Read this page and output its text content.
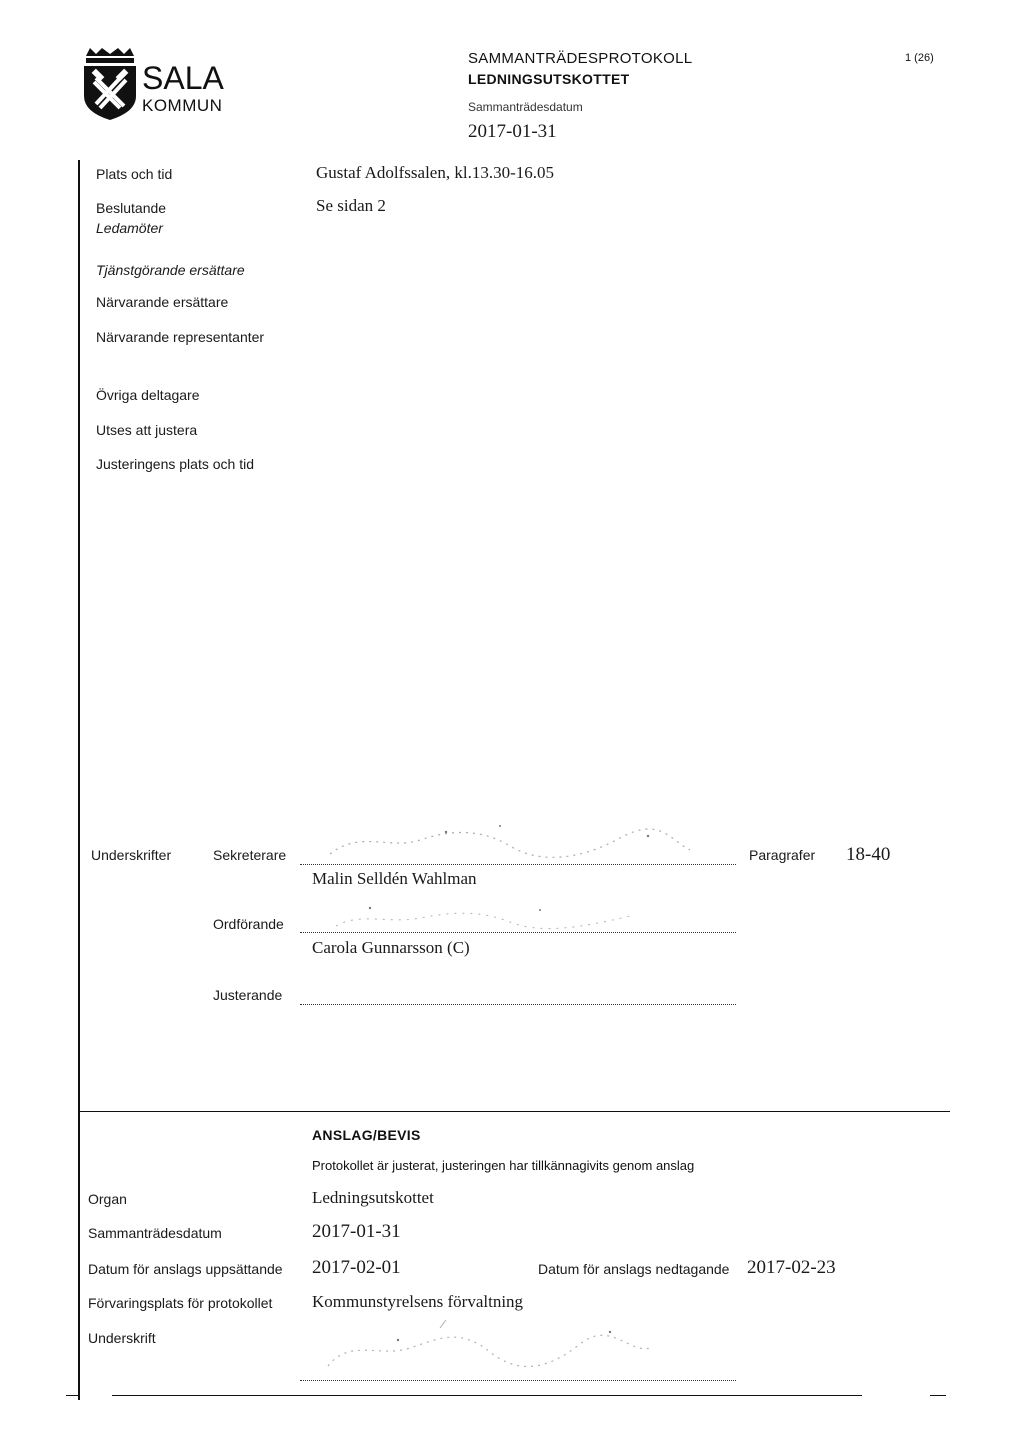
SALA
KOMMUN
SAMMANTRÄDESPROTOKOLL
LEDNINGSUTSKOTTET
Sammanträdesdatum
2017-01-31
1 (26)
Plats och tid	Gustaf Adolfssalen, kl.13.30-16.05
Beslutande	Se sidan 2
Ledamöter
Tjänstgörande ersättare
Närvarande ersättare
Närvarande representanter
Övriga deltagare
Utses att justera
Justeringens plats och tid
Underskrifter	Sekreterare
Malin Selldén Wahlman
Paragrafer 18-40
Ordförande
Carola Gunnarsson (C)
Justerande
ANSLAG/BEVIS
Protokollet är justerat, justeringen har tillkännagivits genom anslag
Organ	Ledningsutskottet
Sammanträdesdatum	2017-01-31
Datum för anslags uppsättande 2017-02-01	Datum för anslags nedtagande 2017-02-23
Förvaringsplats för protokollet Kommunstyrelsens förvaltning
Underskrift
